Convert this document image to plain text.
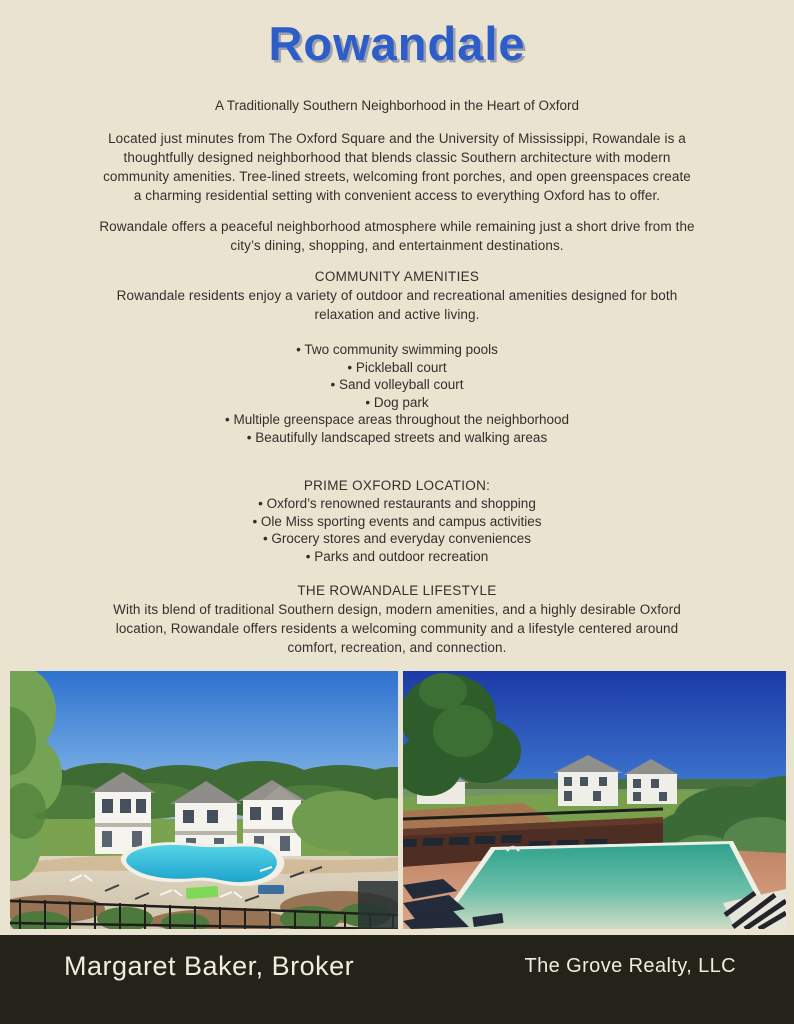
Rowandale

A Traditionally Southern Neighborhood in the Heart of Oxford

Located just minutes from The Oxford Square and the University of Mississippi, Rowandale is a thoughtfully designed neighborhood that blends classic Southern architecture with modern community amenities. Tree-lined streets, welcoming front porches, and open greenspaces create a charming residential setting with convenient access to everything Oxford has to offer.

Rowandale offers a peaceful neighborhood atmosphere while remaining just a short drive from the city’s dining, shopping, and entertainment destinations.

COMMUNITY AMENITIES

Rowandale residents enjoy a variety of outdoor and recreational amenities designed for both relaxation and active living.

• Two community swimming pools
• Pickleball court
• Sand volleyball court
• Dog park
• Multiple greenspace areas throughout the neighborhood
• Beautifully landscaped streets and walking areas

PRIME OXFORD LOCATION:

• Oxford’s renowned restaurants and shopping
• Ole Miss sporting events and campus activities
• Grocery stores and everyday conveniences
• Parks and outdoor recreation

THE ROWANDALE LIFESTYLE

With its blend of traditional Southern design, modern amenities, and a highly desirable Oxford location, Rowandale offers residents a welcoming community and a lifestyle centered around comfort, recreation, and connection.

Margaret Baker, Broker	The Grove Realty, LLC
